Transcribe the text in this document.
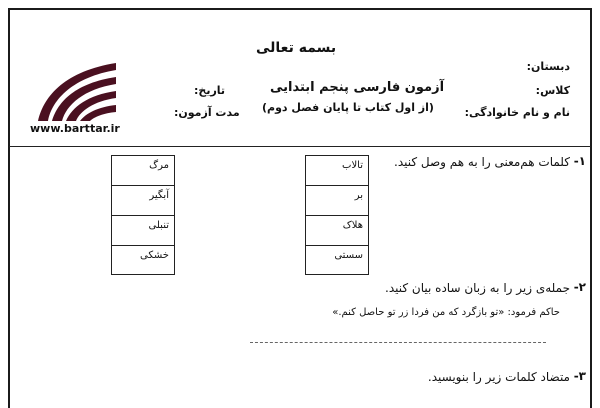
بسمه تعالی
دبستان:
کلاس:
نام و نام خانوادگی:
آزمون فارسی پنجم ابتدایی
(از اول کتاب تا پایان فصل دوم)
تاریخ:
مدت آزمون:
www.barttar.ir
۱-
کلمات هم‌معنی را به هم وصل کنید.
تالاب
بر
هلاک
سستی
مرگ
آبگیر
تنبلی
خشکی
۲-
جمله‌ی زیر را به زبان ساده بیان کنید.
حاکم فرمود: «تو بازگرد که من فردا زر تو حاصل کنم.»
۳-
متضاد کلمات زیر را بنویسید.
